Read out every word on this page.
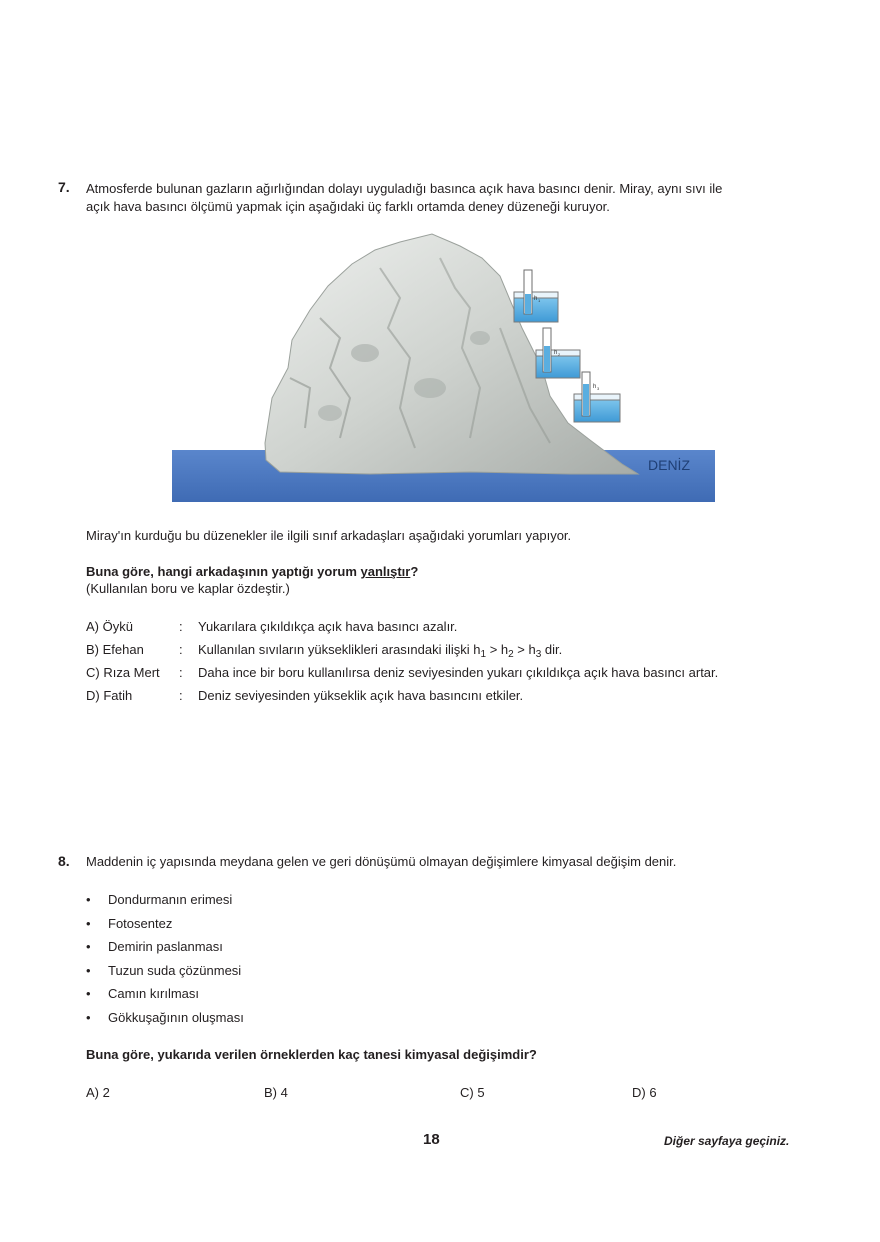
7. Atmosferde bulunan gazların ağırlığından dolayı uyguladığı basınca açık hava basıncı denir. Miray, aynı sıvı ile
açık hava basıncı ölçümü yapmak için aşağıdaki üç farklı ortamda deney düzeneği kuruyor.
h 1
h 2
h 3
DENİZ
Miray'ın kurduğu bu düzenekler ile ilgili sınıf arkadaşları aşağıdaki yorumları yapıyor.
Buna göre, hangi arkadaşının yaptığı yorum yanlıştır?
(Kullanılan boru ve kaplar özdeştir.)
A) Öykü	: Yukarılara çıkıldıkça açık hava basıncı azalır.
B) Efehan	: Kullanılan sıvıların yükseklikleri arasındaki ilişki $h_1 > h_2 > h_3$ dir.
C) Rıza Mert : Daha ince bir boru kullanılırsa deniz seviyesinden yukarı çıkıldıkça açık hava basıncı artar.
D) Fatih	: Deniz seviyesinden yükseklik açık hava basıncını etkiler.
8. Maddenin iç yapısında meydana gelen ve geri dönüşümü olmayan değişimlere kimyasal değişim denir.
• Dondurmanın erimesi
• Fotosentez
• Demirin paslanması
• Tuzun suda çözünmesi
• Camın kırılması
• Gökkuşağının oluşması
Buna göre, yukarıda verilen örneklerden kaç tanesi kimyasal değişimdir?
A) 2	B) 4	C) 5	D) 6
18	Diğer sayfaya geçiniz.
